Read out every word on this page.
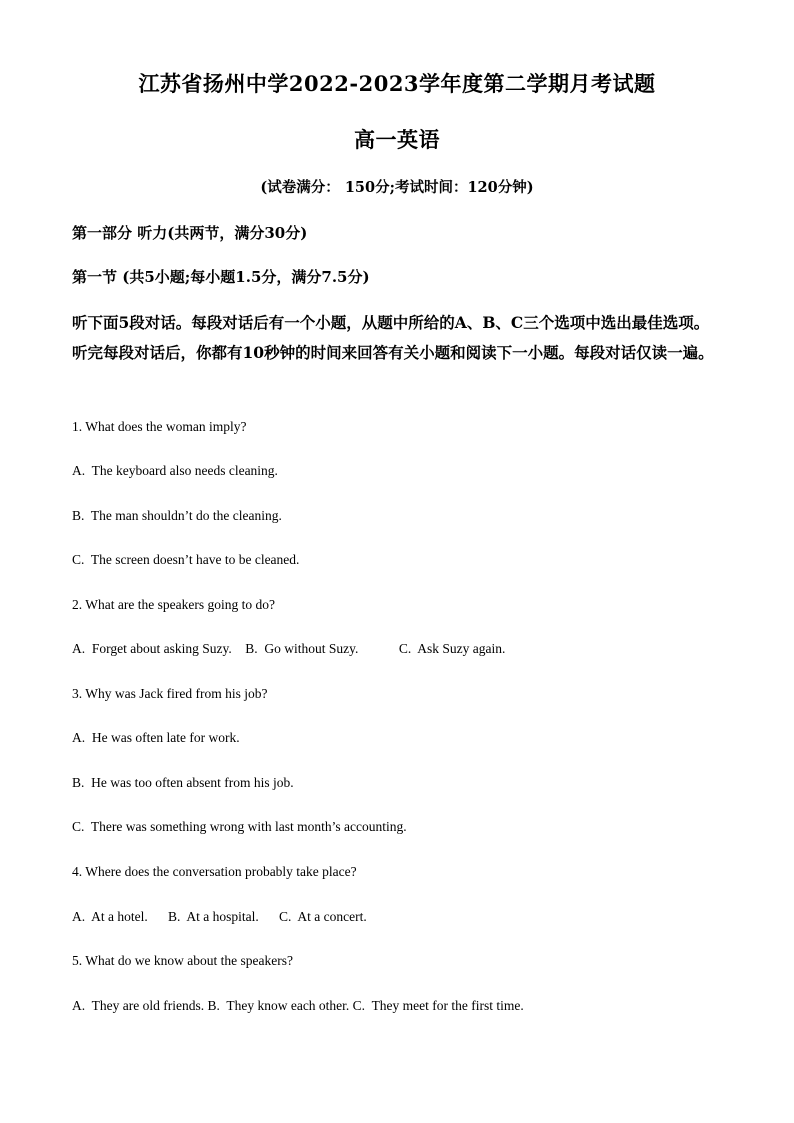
江苏省扬州中学2022-2023学年度第二学期月考试题
高一英语
(试卷满分： 150分;考试时间：120分钟)
第一部分 听力(共两节，满分30分)
第一节 (共5小题;每小题1.5分，满分7.5分)
听下面5段对话。每段对话后有一个小题，从题中所给的A、B、C三个选项中选出最佳选项。听完每段对话后，你都有10秒钟的时间来回答有关小题和阅读下一小题。每段对话仅读一遍。
1. What does the woman imply?
A.  The keyboard also needs cleaning.
B.  The man shouldn’t do the cleaning.
C.  The screen doesn’t have to be cleaned.
2. What are the speakers going to do?
A.  Forget about asking Suzy.    B.  Go without Suzy.            C.  Ask Suzy again.
3. Why was Jack fired from his job?
A.  He was often late for work.
B.  He was too often absent from his job.
C.  There was something wrong with last month’s accounting.
4. Where does the conversation probably take place?
A.  At a hotel.      B.  At a hospital.      C.  At a concert.
5. What do we know about the speakers?
A.  They are old friends. B.  They know each other. C.  They meet for the first time.
